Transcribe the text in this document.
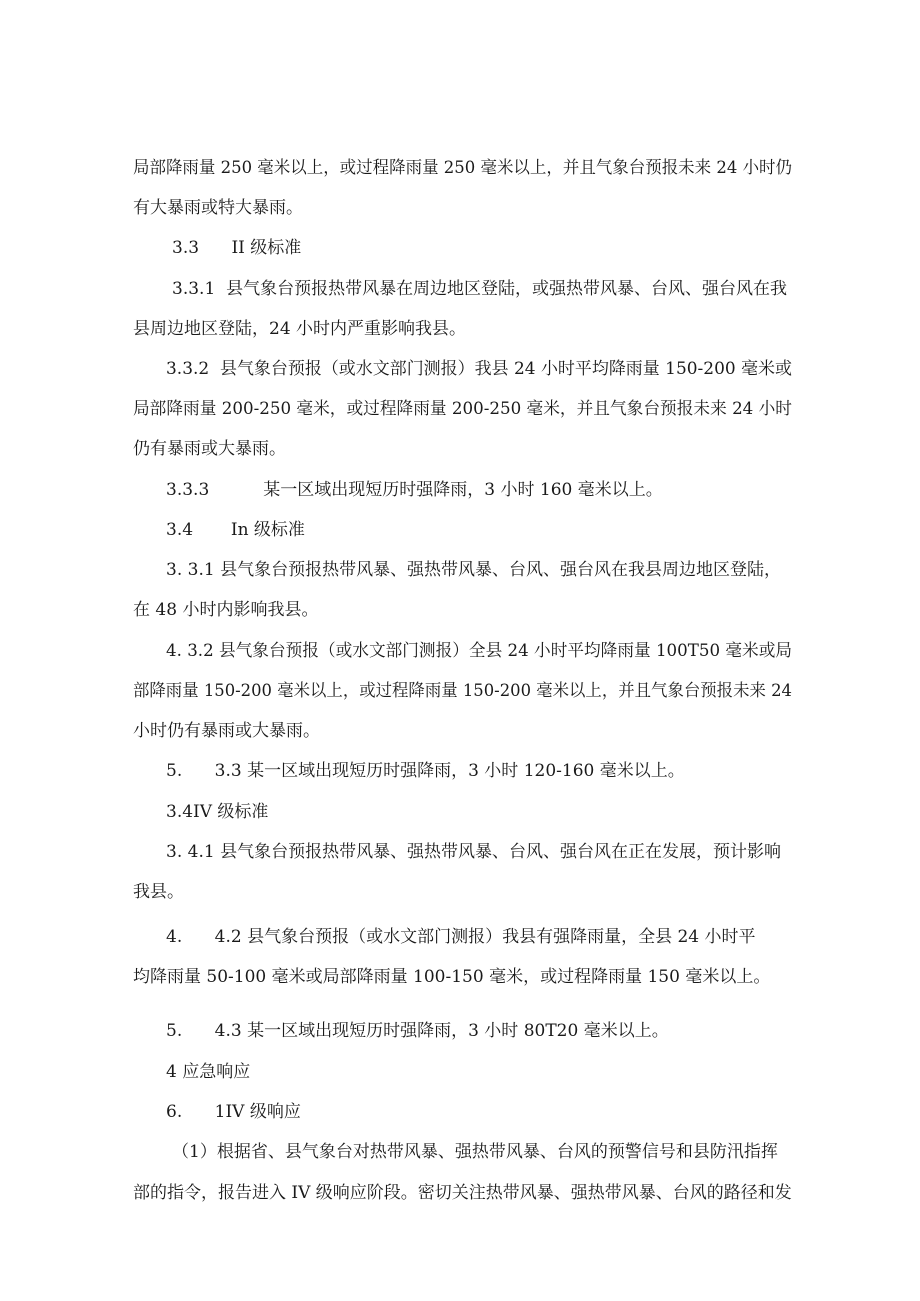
局部降雨量 250 毫米以上，或过程降雨量 250 毫米以上，并且气象台预报未来 24 小时仍
有大暴雨或特大暴雨。
3.3      II 级标准
3.3.1  县气象台预报热带风暴在周边地区登陆，或强热带风暴、台风、强台风在我
县周边地区登陆，24 小时内严重影响我县。
3.3.2  县气象台预报（或水文部门测报）我县 24 小时平均降雨量 150-200 毫米或
局部降雨量 200-250 毫米，或过程降雨量 200-250 毫米，并且气象台预报未来 24 小时
仍有暴雨或大暴雨。
3.3.3          某一区域出现短历时强降雨，3 小时 160 毫米以上。
3.4       In 级标准
3. 3.1 县气象台预报热带风暴、强热带风暴、台风、强台风在我县周边地区登陆，
在 48 小时内影响我县。
4. 3.2 县气象台预报（或水文部门测报）全县 24 小时平均降雨量 100T50 毫米或局
部降雨量 150-200 毫米以上，或过程降雨量 150-200 毫米以上，并且气象台预报未来 24
小时仍有暴雨或大暴雨。
5.      3.3 某一区域出现短历时强降雨，3 小时 120-160 毫米以上。
3.4IV 级标准
3. 4.1 县气象台预报热带风暴、强热带风暴、台风、强台风在正在发展，预计影响
我县。
4.      4.2 县气象台预报（或水文部门测报）我县有强降雨量，全县 24 小时平
均降雨量 50-100 毫米或局部降雨量 100-150 毫米，或过程降雨量 150 毫米以上。
5.      4.3 某一区域出现短历时强降雨，3 小时 80T20 毫米以上。
4 应急响应
6.      1IV 级响应
（1）根据省、县气象台对热带风暴、强热带风暴、台风的预警信号和县防汛指挥
部的指令，报告进入 IV 级响应阶段。密切关注热带风暴、强热带风暴、台风的路径和发
